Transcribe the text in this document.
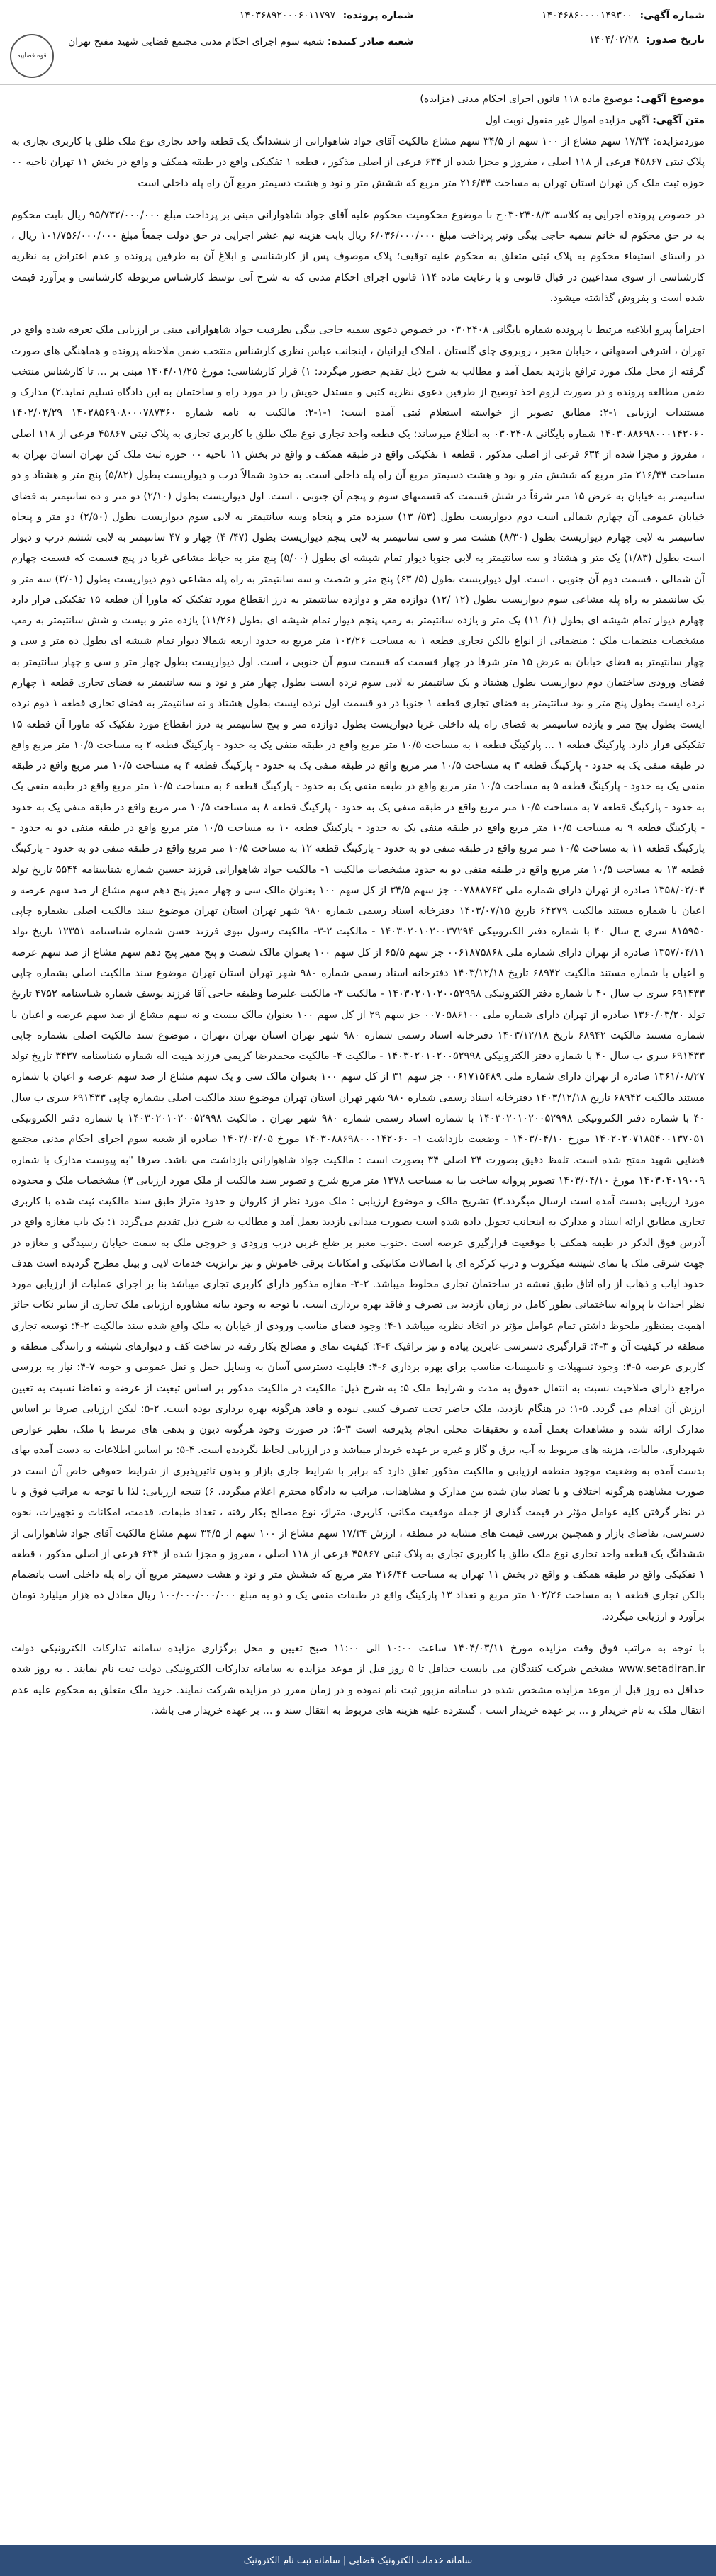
شماره آگهی: ۱۴۰۴۶۸۶۰۰۰۰۱۴۹۳۰۰
تاریخ صدور: ۱۴۰۴/۰۲/۲۸
شماره پرونده: ۱۴۰۳۶۸۹۲۰۰۰۶۰۱۱۷۹۷
شعبه صادر کننده: شعبه سوم اجرای احکام مدنی مجتمع قضایی شهید مفتح تهران
قوه قضاییه
موضوع آگهی: موضوع ماده ۱۱۸ قانون اجرای احکام مدنی (مزایده)
متن آگهی: آگهی مزایده اموال غیر منقول نوبت اول

موردمزایده: ۱۷/۳۴ سهم مشاع از ۱۰۰ سهم از ۳۴/۵ سهم مشاع مالکیت آقای جواد شاهوارانی از ششدانگ یک قطعه واحد تجاری نوع ملک طلق با کاربری تجاری به پلاک ثبتی ۴۵۸۶۷ فرعی از ۱۱۸ اصلی ، مفروز و مجزا شده از ۶۳۴ فرعی از اصلی مذکور ، قطعه ۱ تفکیکی واقع در طبقه همکف و واقع در بخش ۱۱ تهران ناحیه ۰۰ حوزه ثبت ملک کن تهران استان تهران به مساحت ۲۱۶/۴۴ متر مربع که ششش متر و نود و هشت دسیمتر مربع آن راه پله داخلی است

در خصوص پرونده اجرایی به کلاسه ۰۳۰۲۴۰۸/۳ج با موضوع محکومیت محکوم علیه آقای جواد شاهوارانی مبنی بر پرداخت مبلغ ۹۵/۷۳۲/۰۰۰/۰۰۰ ریال بابت محکوم به در حق محکوم له خانم سمیه حاجی بیگی ونیز پرداخت مبلغ ۶/۰۳۶/۰۰۰/۰۰۰ ریال بابت هزینه نیم عشر اجرایی در حق دولت جمعاً مبلغ ۱۰۱/۷۵۶/۰۰۰/۰۰۰ ریال ، در راستای استیفاء محکوم به پلاک ثبتی متعلق به محکوم علیه توقیف؛ پلاک موصوف پس از کارشناسی و ابلاغ آن به طرفین پرونده و عدم اعتراض به نظریه کارشناسی از سوی متداعیین در قبال قانونی و با رعایت ماده ۱۱۴ قانون اجرای احکام مدنی که به شرح آتی توسط کارشناس مربوطه کارشناسی و برآورد قیمت شده است و بفروش گذاشته میشود.

احتراماً پیرو ابلاغیه مرتبط با پرونده شماره بایگانی ۰۳۰۲۴۰۸ در خصوص دعوی سمیه حاجی بیگی بطرفیت جواد شاهوارانی مبنی بر ارزیابی ملک تعرفه شده واقع در تهران ، اشرفی اصفهانی ، خیابان مخبر ، روبروی چای گلستان ، املاک ایرانیان ، اینجانب عباس نظری کارشناس منتخب ضمن ملاحظه پرونده و هماهنگی های صورت گرفته از محل ملک مورد ترافع بازدید بعمل آمد و مطالب به شرح ذیل تقدیم حضور میگردد: ۱) قرار کارشناسی: مورخ ۱۴۰۴/۰۱/۲۵ مبنی بر ... تا کارشناس منتخب ضمن مطالعه پرونده و در صورت لزوم اخذ توضیح از طرفین دعوی نظریه کتبی و مستدل خویش را در مورد راه و ساختمان به این دادگاه تسلیم نماید.۲) مدارک و مستندات ارزیابی ۱-۲: مطابق تصویر از خواسته استعلام ثبتی آمده است: ۱-۱-۲: مالکیت به نامه شماره ۱۴۰۲۸۵۶۹۰۸۰۰۰۷۸۷۳۶۰ ۱۴۰۲/۰۳/۲۹ ۱۴۰۳۰۸۸۶۹۸۰۰۰۱۴۲۰۶۰ شماره بایگانی ۰۳۰۲۴۰۸ به اطلاع میرساند: یک قطعه واحد تجاری نوع ملک طلق با کاربری تجاری به پلاک ثبتی ۴۵۸۶۷ فرعی از ۱۱۸ اصلی ، مفروز و مجزا شده از ۶۳۴ فرعی از اصلی مذکور ، قطعه ۱ تفکیکی واقع در طبقه همکف و واقع در بخش ۱۱ ناحیه ۰۰ حوزه ثبت ملک کن تهران استان تهران به مساحت ۲۱۶/۴۴ متر مربع که ششش متر و نود و هشت دسیمتر مربع آن راه پله داخلی است. به حدود شمالاً درب و دیواریست بطول (۵/۸۲) پنج متر و هشتاد و دو سانتیمتر به خیابان به عرض ۱۵ متر شرقاً در شش قسمت که قسمتهای سوم و پنجم آن جنوبی ، است. اول دیواریست بطول (۲/۱۰) دو متر و ده سانتیمتر به فضای خیابان عمومی آن چهارم شمالی است دوم دیواریست بطول (۵۳/ ۱۳) سیزده متر و پنجاه وسه سانتیمتر به لابی سوم دیواریست بطول (۲/۵۰) دو متر و پنجاه سانتیمتر به لابی چهارم دیواریست بطول (۸/۳۰) هشت متر و سی سانتیمتر به لابی پنجم دیواریست بطول (۴۷/ ۴) چهار و ۴۷ سانتیمتر به لابی ششم درب و دیوار است بطول (۱/۸۳) یک متر و هشتاد و سه سانتیمتر به لابی جنوبا دیوار تمام شیشه ای بطول (۵/۰۰) پنج متر به حیاط مشاعی غربا در پنج قسمت که قسمت چهارم آن شمالی ، قسمت دوم آن جنوبی ، است. اول دیواریست بطول (۵/ ۶۳) پنج متر و شصت و سه سانتیمتر به راه پله مشاعی دوم دیواریست بطول (۳/۰۱) سه متر و یک سانتیمتر به راه پله مشاعی سوم دیواریست بطول (۱۲ /۱۲) دوازده متر و دوازده سانتیمتر به درز انقطاع مورد تفکیک که ماورا آن قطعه ۱۵ تفکیکی قرار دارد چهارم دیوار تمام شیشه ای بطول (۱/ ۱۱) یک متر و یازده سانتیمتر به رمپ پنجم دیوار تمام شیشه ای بطول (۱۱/۲۶) یازده متر و بیست و شش سانتیمتر به رمپ مشخصات منضمات ملک : منضماتی از انواع بالکن تجاری قطعه ۱ به مساحت ۱۰۲/۲۶ متر مربع به حدود اربعه شمالا دیوار تمام شیشه ای بطول ده متر و سی و چهار سانتیمتر به فضای خیابان به عرض ۱۵ متر شرقا در چهار قسمت که قسمت سوم آن جنوبی ، است. اول دیواریست بطول چهار متر و سی و چهار سانتیمتر به فضای ورودی ساختمان دوم دیواریست بطول هشتاد و یک سانتیمتر به لابی سوم نرده ایست بطول چهار متر و نود و سه سانتیمتر به فضای تجاری قطعه ۱ چهارم نرده ایست بطول پنج متر و نود سانتیمتر به فضای تجاری قطعه ۱ جنوبا در دو قسمت اول نرده ایست بطول هشتاد و نه سانتیمتر به فضای تجاری قطعه ۱ دوم نرده ایست بطول پنج متر و یازده سانتیمتر به فضای راه پله داخلی غربا دیواریست بطول دوازده متر و پنج سانتیمتر به درز انقطاع مورد تفکیک که ماورا آن قطعه ۱۵ تفکیکی قرار دارد. پارکینگ قطعه ۱ ... پارکینگ قطعه ۱ به مساحت ۱۰/۵ متر مربع واقع در طبقه منفی یک به حدود - پارکینگ قطعه ۲ به مساحت ۱۰/۵ متر مربع واقع در طبقه منفی یک به حدود - پارکینگ قطعه ۳ به مساحت ۱۰/۵ متر مربع واقع در طبقه منفی یک به حدود - پارکینگ قطعه ۴ به مساحت ۱۰/۵ متر مربع واقع در طبقه منفی یک به حدود - پارکینگ قطعه ۵ به مساحت ۱۰/۵ متر مربع واقع در طبقه منفی یک به حدود - پارکینگ قطعه ۶ به مساحت ۱۰/۵ متر مربع واقع در طبقه منفی یک به حدود - پارکینگ قطعه ۷ به مساحت ۱۰/۵ متر مربع واقع در طبقه منفی یک به حدود - پارکینگ قطعه ۸ به مساحت ۱۰/۵ متر مربع واقع در طبقه منفی یک به حدود - پارکینگ قطعه ۹ به مساحت ۱۰/۵ متر مربع واقع در طبقه منفی یک به حدود - پارکینگ قطعه ۱۰ به مساحت ۱۰/۵ متر مربع واقع در طبقه منفی دو به حدود - پارکینگ قطعه ۱۱ به مساحت ۱۰/۵ متر مربع واقع در طبقه منفی دو به حدود - پارکینگ قطعه ۱۲ به مساحت ۱۰/۵ متر مربع واقع در طبقه منفی دو به حدود - پارکینگ قطعه ۱۳ به مساحت ۱۰/۵ متر مربع واقع در طبقه منفی دو به حدود مشخصات مالکیت ۱- مالکیت جواد شاهوارانی فرزند حسین شماره شناسنامه ۵۵۴۴ تاریخ تولد ۱۳۵۸/۰۲/۰۴ صادره از تهران دارای شماره ملی ۰۰۷۸۸۸۷۶۳ جز سهم ۳۴/۵ از کل سهم ۱۰۰ بعنوان مالک سی و چهار ممیز پنج دهم سهم مشاع از صد سهم عرصه و اعیان با شماره مستند مالکیت ۶۴۲۷۹ تاریخ ۱۴۰۳/۰۷/۱۵ دفترخانه اسناد رسمی شماره ۹۸۰ شهر تهران استان تهران موضوع سند مالکیت اصلی بشماره چاپی ۸۱۵۹۵۰ سری ج سال ۴۰ با شماره دفتر الکترونیکی ۱۴۰۳۰۲۰۱۰۲۰۰۳۷۲۹۴ - مالکیت ۲-۳- مالکیت رسول نبوی فرزند حسن شماره شناسنامه ۱۲۳۵۱ تاریخ تولد ۱۳۵۷/۰۴/۱۱ صادره از تهران دارای شماره ملی ۰۰۶۱۸۷۵۸۶۸ جز سهم ۶۵/۵ از کل سهم ۱۰۰ بعنوان مالک شصت و پنج ممیز پنج دهم سهم مشاع از صد سهم عرصه و اعیان با شماره مستند مالکیت ۶۸۹۴۲ تاریخ ۱۴۰۳/۱۲/۱۸ دفترخانه اسناد رسمی شماره ۹۸۰ شهر تهران استان تهران موضوع سند مالکیت اصلی بشماره چاپی ۶۹۱۴۳۳ سری ب سال ۴۰ با شماره دفتر الکترونیکی ۱۴۰۳۰۲۰۱۰۲۰۰۵۲۹۹۸ - مالکیت ۳- مالکیت علیرضا وظیفه حاجی آقا فرزند یوسف شماره شناسنامه ۴۷۵۲ تاریخ تولد ۱۳۶۰/۰۳/۲۰ صادره از تهران دارای شماره ملی ۰۰۷۰۵۸۶۱۰۰ جز سهم ۲۹ از کل سهم ۱۰۰ بعنوان مالک بیست و نه سهم مشاع از صد سهم عرصه و اعیان با شماره مستند مالکیت ۶۸۹۴۲ تاریخ ۱۴۰۳/۱۲/۱۸ دفترخانه اسناد رسمی شماره ۹۸۰ شهر تهران استان تهران ،تهران ، موضوع سند مالکیت اصلی بشماره چاپی ۶۹۱۴۳۳ سری ب سال ۴۰ با شماره دفتر الکترونیکی ۱۴۰۳۰۲۰۱۰۲۰۰۵۲۹۹۸ - مالکیت ۴- مالکیت محمدرضا کریمی فرزند هیبت اله شماره شناسنامه ۳۴۳۷ تاریخ تولد ۱۳۶۱/۰۸/۲۷ صادره از تهران دارای شماره ملی ۰۰۶۱۷۱۵۴۸۹ جز سهم ۳۱ از کل سهم ۱۰۰ بعنوان مالک سی و یک سهم مشاع از صد سهم عرصه و اعیان با شماره مستند مالکیت ۶۸۹۴۲ تاریخ ۱۴۰۳/۱۲/۱۸ دفترخانه اسناد رسمی شماره ۹۸۰ شهر تهران استان تهران موضوع سند مالکیت اصلی بشماره چاپی ۶۹۱۴۳۳ سری ب سال ۴۰ با شماره دفتر الکترونیکی ۱۴۰۳۰۲۰۱۰۲۰۰۵۲۹۹۸ با شماره اسناد رسمی شماره ۹۸۰ شهر تهران . مالکیت ۱۴۰۳۰۲۰۱۰۲۰۰۵۲۹۹۸ با شماره دفتر الکترونیکی ۱۴۰۲۰۲۰۷۱۸۵۴۰۰۱۳۷۰۵۱ مورخ ۱۴۰۳/۰۴/۱۰ - وضعیت بازداشت ۱- ۱۴۰۳۰۸۸۶۹۸۰۰۰۱۴۲۰۶۰ مورخ ۱۴۰۲/۰۲/۰۵ صادره از شعبه سوم اجرای احکام مدنی مجتمع قضایی شهید مفتح شده است. تلفظ دقیق بصورت ۳۴ اصلی ۳۴ بصورت است : مالکیت جواد شاهوارانی بازداشت می باشد. صرفا "به پیوست مدارک با شماره ۱۴۰۳۰۴۰۱۹۰۰۹ مورخ ۱۴۰۳/۰۴/۱۰ تصویر پروانه ساخت بنا به مساحت ۱۳۷۸ متر مربع شرح و تصویر سند مالکیت از ملک مورد ارزیابی ۳) مشخصات ملک و محدوده مورد ارزیابی بدست آمده است ارسال میگردد.۳) تشریح مالک و موضوع ارزیابی : ملک مورد نظر از کاروان و حدود متراژ طبق سند مالکیت ثبت شده با کاربری تجاری مطابق ارائه اسناد و مدارک به اینجانب تحویل داده شده است بصورت میدانی بازدید بعمل آمد و مطالب به شرح ذیل تقدیم می‌گردد ۱: یک باب مغازه واقع در آدرس فوق الذکر در طبقه همکف با موقعیت قرارگیری عرصه است .جنوب معبر بر ضلع غربی درب ورودی و خروجی ملک به سمت خیابان رسیدگی و مغازه در جهت شرقی ملک با نمای شیشه میکروب و درب کرکره ای با اتصالات مکانیکی و امکانات برقی خاموش و نیز ترانزیت خدمات لایی و بیتل مطرح گردیده است هدف حدود ایاب و ذهاب از راه اتاق طبق نقشه در ساختمان تجاری مخلوط میباشد. ۲-۳- مغازه مذکور دارای کاربری تجاری میباشد بنا بر اجرای عملیات از ارزیابی مورد نظر احداث با پروانه ساختمانی بطور کامل در زمان بازدید بی تصرف و فاقد بهره برداری است. با توجه به وجود بیانه مشاوره ارزیابی ملک تجاری از سایر نکات حائز اهمیت بمنظور ملحوظ داشتن تمام عوامل مؤثر در اتخاذ نظریه میباشد ۱-۴: وجود فضای مناسب ورودی از خیابان به ملک واقع شده سند مالکیت ۲-۴: توسعه تجاری منطقه در کیفیت آن و ۳-۴: قرارگیری دسترسی عابرین پیاده و نیز ترافیک ۴-۴: کیفیت نمای و مصالح بکار رفته در ساخت کف و دیوارهای شیشه و رانندگی منطقه و کاربری عرصه ۵-۴: وجود تسهیلات و تاسیسات مناسب برای بهره برداری ۶-۴: قابلیت دسترسی آسان به وسایل حمل و نقل عمومی و حومه ۷-۴: نیاز به بررسی مراجع دارای صلاحیت نسبت به انتقال حقوق به مدت و شرایط ملک ۵: به شرح ذیل: مالکیت در مالکیت مذکور بر اساس تبعیت از عرضه و تقاضا نسبت به تعیین ارزش آن اقدام می گردد. ۵-۱: در هنگام بازدید، ملک حاضر تحت تصرف کسی نبوده و فاقد هرگونه بهره برداری بوده است. ۲-۵: لیکن ارزیابی صرفا بر اساس مدارک ارائه شده و مشاهدات بعمل آمده و تحقیقات محلی انجام پذیرفته است ۳-۵: در صورت وجود هرگونه دیون و بدهی های مرتبط با ملک، نظیر عوارض شهرداری، مالیات، هزینه های مربوط به آب، برق و گاز و غیره بر عهده خریدار میباشد و در ارزیابی لحاظ نگردیده است. ۴-۵: بر اساس اطلاعات به دست آمده بهای بدست آمده به وضعیت موجود منطقه ارزیابی و مالکیت مذکور تعلق دارد که برابر با شرایط جاری بازار و بدون تاثیرپذیری از شرایط حقوقی خاص آن است در صورت مشاهده هرگونه اختلاف و یا تضاد بیان شده بین مدارک و مشاهدات، مراتب به دادگاه محترم اعلام میگردد. ۶) نتیجه ارزیابی: لذا با توجه به مراتب فوق و با در نظر گرفتن کلیه عوامل مؤثر در قیمت گذاری از جمله موقعیت مکانی، کاربری، متراژ، نوع مصالح بکار رفته ، تعداد طبقات، قدمت، امکانات و تجهیزات، نحوه دسترسی، تقاضای بازار و همچنین بررسی قیمت های مشابه در منطقه ، ارزش ۱۷/۳۴ سهم مشاع از ۱۰۰ سهم از ۳۴/۵ سهم مشاع مالکیت آقای جواد شاهوارانی از ششدانگ یک قطعه واحد تجاری نوع ملک طلق با کاربری تجاری به پلاک ثبتی ۴۵۸۶۷ فرعی از ۱۱۸ اصلی ، مفروز و مجزا شده از ۶۳۴ فرعی از اصلی مذکور ، قطعه ۱ تفکیکی واقع در طبقه همکف و واقع در بخش ۱۱ تهران به مساحت ۲۱۶/۴۴ متر مربع که ششش متر و نود و هشت دسیمتر مربع آن راه پله داخلی است بانضمام بالکن تجاری قطعه ۱ به مساحت ۱۰۲/۲۶ متر مربع و تعداد ۱۳ پارکینگ واقع در طبقات منفی یک و دو به مبلغ ۱۰۰/۰۰۰/۰۰۰/۰۰۰ ریال معادل ده هزار میلیارد تومان برآورد و ارزیابی میگردد.

با توجه به مراتب فوق وقت مزایده مورخ ۱۴۰۴/۰۳/۱۱ ساعت ۱۰:۰۰ الی ۱۱:۰۰ صبح تعیین و محل برگزاری مزایده سامانه تدارکات الکترونیکی دولت www.setadiran.ir مشخص شرکت کنندگان می بایست حداقل تا ۵ روز قبل از موعد مزایده به سامانه تدارکات الکترونیکی دولت ثبت نام نمایند . به روز شده حداقل ده روز قبل از موعد مزایده مشخص شده در سامانه مزبور ثبت نام نموده و در زمان مقرر در مزایده شرکت نمایند. خرید ملک متعلق به محکوم علیه عدم انتقال ملک به نام خریدار و ... بر عهده خریدار است . گسترده علیه هزینه های مربوط به انتقال سند و ... بر عهده خریدار می باشد.

سامانه خدمات الکترونیک قضایی | سامانه ثبت نام الکترونیک
